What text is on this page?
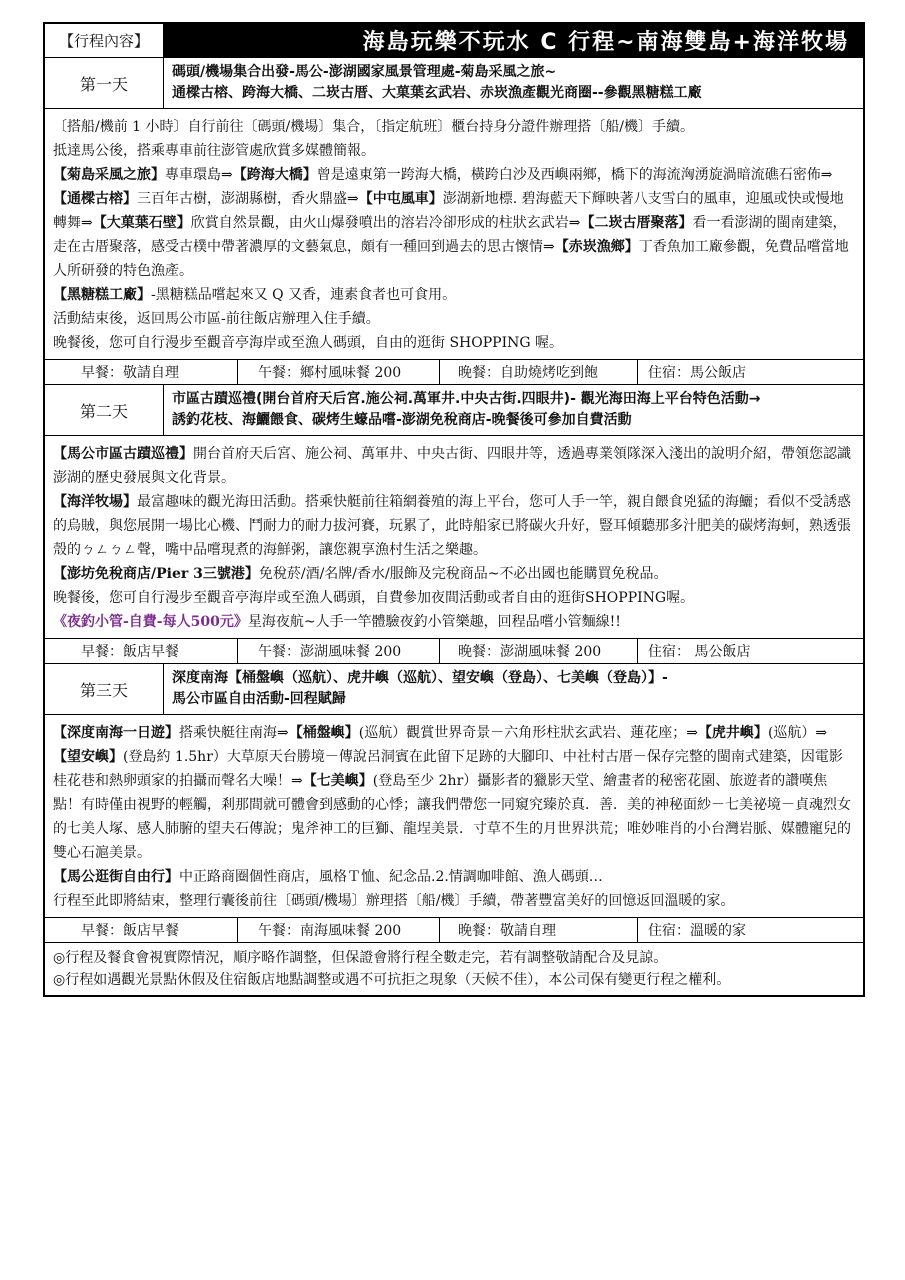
【行程內容】	海島玩樂不玩水 C 行程~南海雙島+海洋牧場
第一天
碼頭/機場集合出發-馬公-澎湖國家風景管理處-菊島采風之旅~
通樑古榕、跨海大橋、二崁古厝、大菓葉玄武岩、赤崁漁產觀光商圈--參觀黑糖糕工廠

〔搭船/機前 1 小時〕自行前往〔碼頭/機場〕集合，〔指定航班〕櫃台持身分證件辦理搭〔船/機〕手續。

抵達馬公後，搭乘專車前往澎管處欣賞多媒體簡報。

【菊島采風之旅】專車環島⇒【跨海大橋】曾是遠東第一跨海大橋，橫跨白沙及西嶼兩鄉，橋下的海流洶湧旋渦暗流礁石密佈⇒【通樑古榕】三百年古樹，澎湖縣樹，香火鼎盛⇒【中屯風車】澎湖新地標. 碧海藍天下輝映著八支雪白的風車，迎風或快或慢地轉舞⇒【大菓葉石壁】欣賞自然景觀，由火山爆發噴出的溶岩冷卻形成的柱狀玄武岩⇒【二崁古厝聚落】看一看澎湖的閩南建築，走在古厝聚落，感受古樸中帶著濃厚的文藝氣息，頗有一種回到過去的思古懷情⇒【赤崁漁鄉】丁香魚加工廠參觀，免費品嚐當地人所研發的特色漁產。

【黑糖糕工廠】-黑糖糕品嚐起來又 Q 又香，連素食者也可食用。

活動結束後，返回馬公市區-前往飯店辦理入住手續。

晚餐後，您可自行漫步至觀音亭海岸或至漁人碼頭，自由的逛街 SHOPPING 喔。

早餐：敬請自理	午餐：鄉村風味餐 200	晚餐：自助燒烤吃到飽	住宿：馬公飯店
第二天
市區古蹟巡禮(開台首府天后宮.施公祠.萬軍井.中央古街.四眼井)- 觀光海田海上平台特色活動→
誘釣花枝、海鱺餵食、碳烤生蠔品嚐-澎湖免稅商店-晚餐後可參加自費活動

【馬公市區古蹟巡禮】開台首府天后宮、施公祠、萬軍井、中央古街、四眼井等，透過專業領隊深入淺出的說明介紹，帶領您認識澎湖的歷史發展與文化背景。

【海洋牧場】最富趣味的觀光海田活動。搭乘快艇前往箱網養殖的海上平台，您可人手一竿，親自餵食兇猛的海鱺；看似不受誘惑的烏賊，與您展開一場比心機、鬥耐力的耐力拔河賽，玩累了，此時船家已將碳火升好，豎耳傾聽那多汁肥美的碳烤海蚵，熟透張殼的ㄅㄥㄅㄥ聲，嘴中品嚐現煮的海鮮粥，讓您親享漁村生活之樂趣。

【澎坊免稅商店/Pier 3三號港】免稅菸/酒/名牌/香水/服飾及完稅商品~不必出國也能購買免稅品。

晚餐後，您可自行漫步至觀音亭海岸或至漁人碼頭，自費參加夜間活動或者自由的逛街SHOPPING喔。

《夜釣小管-自費-每人500元》星海夜航~人手一竿體驗夜釣小管樂趣，回程品嚐小管麵線!!

早餐：飯店早餐	午餐：澎湖風味餐 200	晚餐：澎湖風味餐 200	住宿： 馬公飯店
第三天
深度南海【桶盤嶼（巡航）、虎井嶼（巡航）、望安嶼（登島）、七美嶼（登島）】-
馬公市區自由活動-回程賦歸

【深度南海一日遊】搭乘快艇往南海⇒【桶盤嶼】(巡航）觀賞世界奇景－六角形柱狀玄武岩、蓮花座；⇒【虎井嶼】(巡航）⇒【望安嶼】(登島約 1.5hr）大草原天台勝境－傳說呂洞賓在此留下足跡的大腳印、中社村古厝－保存完整的閩南式建築，因電影桂花巷和熱卵頭家的拍攝而聲名大噪！⇒【七美嶼】(登島至少 2hr）攝影者的獵影天堂、繪畫者的秘密花園、旅遊者的讚嘆焦點！有時僅由視野的輕觸，剎那間就可體會到感動的心悸；讓我們帶您一同窺究臻於真．善．美的神秘面紗－七美祕境－貞魂烈女的七美人塚、感人肺腑的望夫石傳說；鬼斧神工的巨獅、龍埕美景．寸草不生的月世界洪荒；唯妙唯肖的小台灣岩脈、媒體寵兒的雙心石滬美景。

【馬公逛街自由行】中正路商圈個性商店，風格Ｔ恤、紀念品.2.情調咖啡館、漁人碼頭…

行程至此即將結束，整理行囊後前往〔碼頭/機場〕辦理搭〔船/機〕手續，帶著豐富美好的回憶返回溫暖的家。

早餐：飯店早餐	午餐：南海風味餐 200	晚餐：敬請自理	住宿：溫暖的家

◎行程及餐食會視實際情況，順序略作調整，但保證會將行程全數走完，若有調整敬請配合及見諒。

◎行程如遇觀光景點休假及住宿飯店地點調整或遇不可抗拒之現象（天候不佳），本公司保有變更行程之權利。
